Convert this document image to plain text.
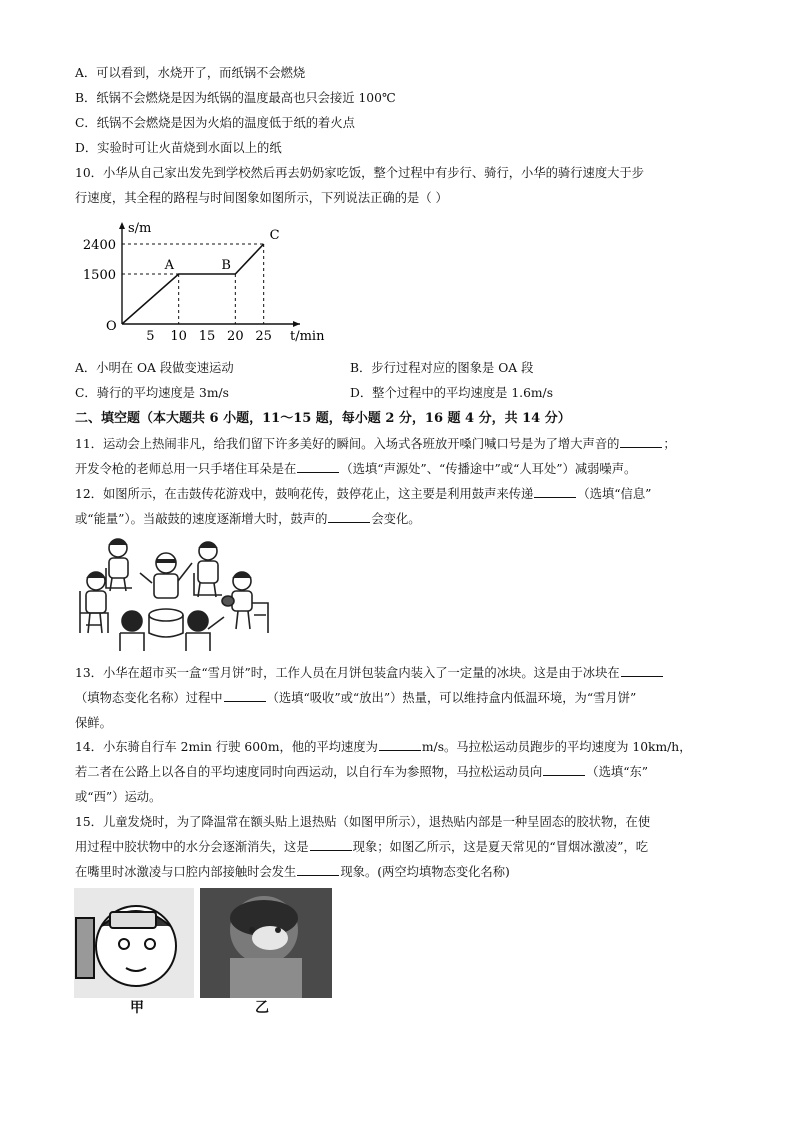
A．可以看到，水烧开了，而纸锅不会燃烧
B．纸锅不会燃烧是因为纸锅的温度最高也只会接近 100℃
C．纸锅不会燃烧是因为火焰的温度低于纸的着火点
D．实验时可让火苗烧到水面以上的纸
10．小华从自己家出发先到学校然后再去奶奶家吃饭，整个过程中有步行、骑行，小华的骑行速度大于步
行速度，其全程的路程与时间图象如图所示，下列说法正确的是（ ）
s/m
t/min
O
5 10 15 20 25
1500
2400
A	B
C
A．小明在 OA 段做变速运动	B．步行过程对应的图象是 OA 段
C．骑行的平均速度是 3m/s	D．整个过程中的平均速度是 1.6m/s
二、填空题（本大题共 6 小题，11～15 题，每小题 2 分，16 题 4 分，共 14 分）
11．运动会上热闹非凡，给我们留下许多美好的瞬间。入场式各班放开嗓门喊口号是为了增大声音的	；
开发令枪的老师总用一只手堵住耳朵是在	（选填“声源处”、“传播途中”或“人耳处”）减弱噪声。
12．如图所示，在击鼓传花游戏中，鼓响花传，鼓停花止，这主要是利用鼓声来传递	（选填“信息”
或“能量”）。当敲鼓的速度逐渐增大时，鼓声的	会变化。
13．小华在超市买一盒“雪月饼”时，工作人员在月饼包装盒内装入了一定量的冰块。这是由于冰块在
（填物态变化名称）过程中	（选填“吸收”或“放出”）热量，可以维持盒内低温环境，为“雪月饼”
保鲜。
14．小东骑自行车 2min 行驶 600m，他的平均速度为	m/s。马拉松运动员跑步的平均速度为 10km/h，
若二者在公路上以各自的平均速度同时向西运动，以自行车为参照物，马拉松运动员向	（选填“东”
或“西”）运动。
15．儿童发烧时，为了降温常在额头贴上退热贴（如图甲所示），退热贴内部是一种呈固态的胶状物，在使
用过程中胶状物中的水分会逐渐消失，这是	现象；如图乙所示，这是夏天常见的“冒烟冰激凌”，吃
在嘴里时冰激凌与口腔内部接触时会发生	现象。(两空均填物态变化名称)
甲	乙
